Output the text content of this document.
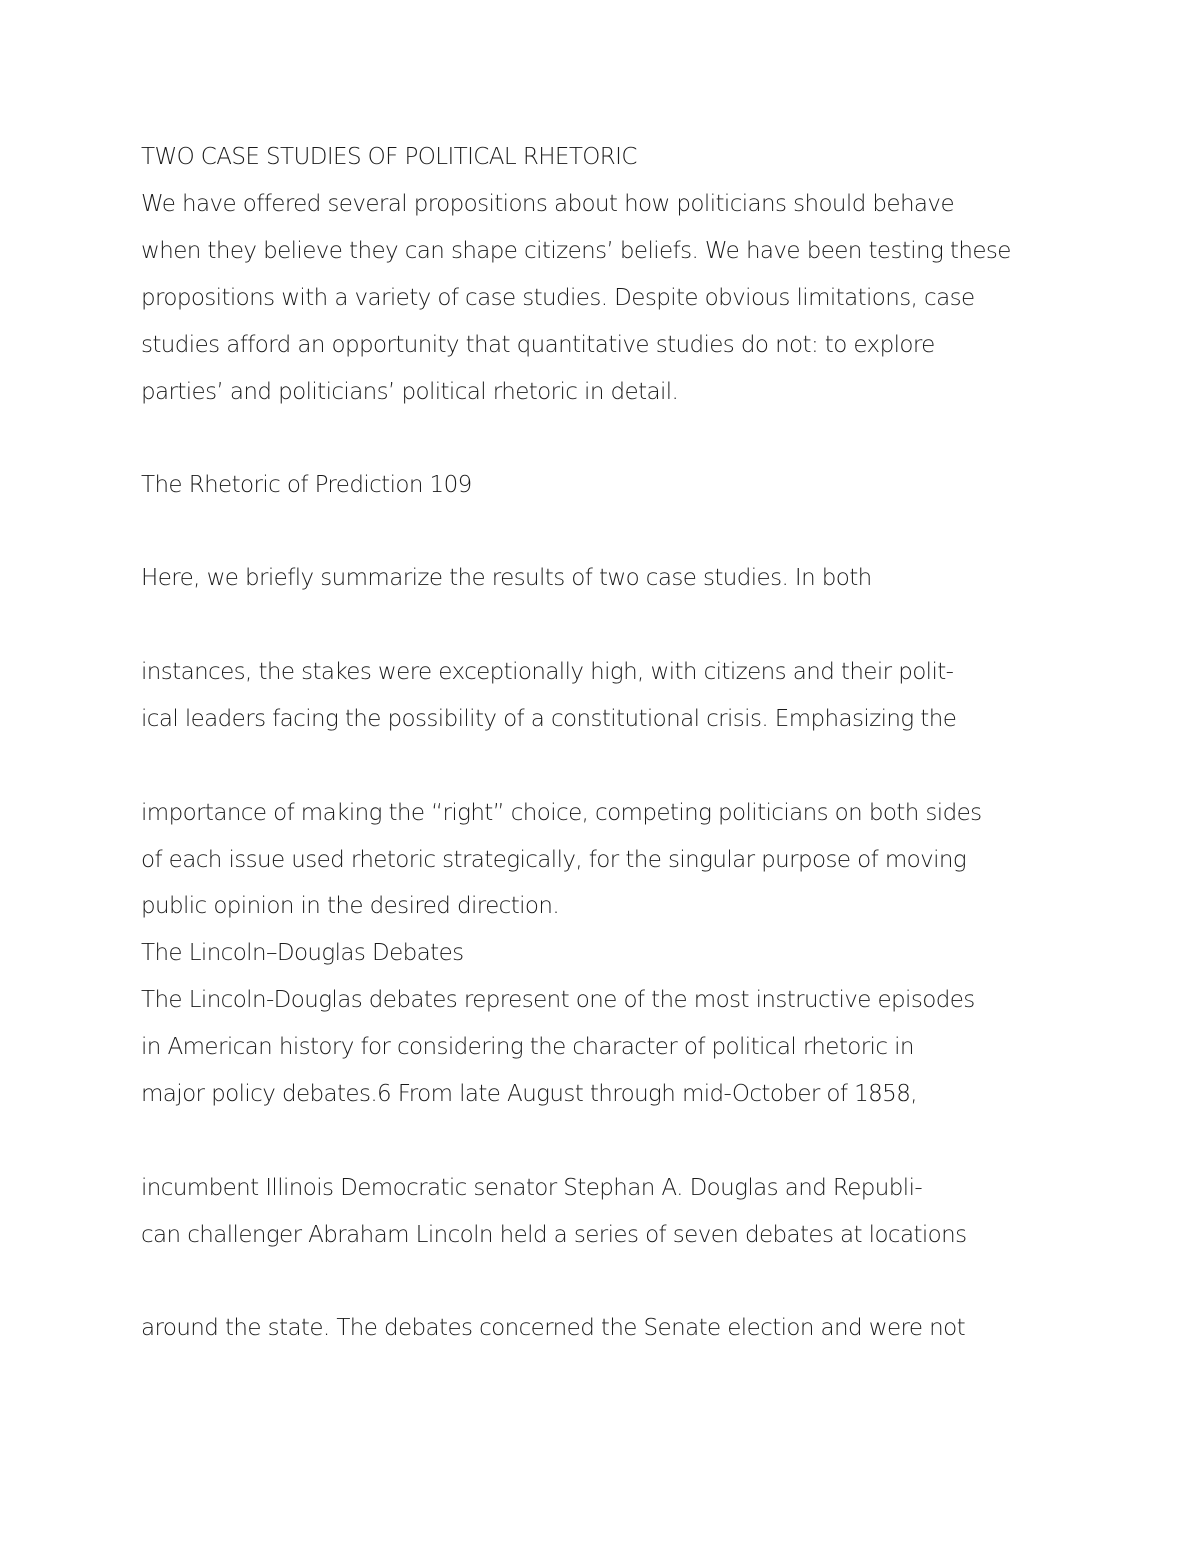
TWO CASE STUDIES OF POLITICAL RHETORIC
We have offered several propositions about how politicians should behave
when they believe they can shape citizens’ beliefs. We have been testing these
propositions with a variety of case studies. Despite obvious limitations, case
studies afford an opportunity that quantitative studies do not: to explore
parties’ and politicians’ political rhetoric in detail.
The Rhetoric of Prediction 109
Here, we briefly summarize the results of two case studies. In both
instances, the stakes were exceptionally high, with citizens and their polit-
ical leaders facing the possibility of a constitutional crisis. Emphasizing the
importance of making the “right” choice, competing politicians on both sides
of each issue used rhetoric strategically, for the singular purpose of moving
public opinion in the desired direction.
The Lincoln–Douglas Debates
The Lincoln-Douglas debates represent one of the most instructive episodes
in American history for considering the character of political rhetoric in
major policy debates.6 From late August through mid-October of 1858,
incumbent Illinois Democratic senator Stephan A. Douglas and Republi-
can challenger Abraham Lincoln held a series of seven debates at locations
around the state. The debates concerned the Senate election and were not
